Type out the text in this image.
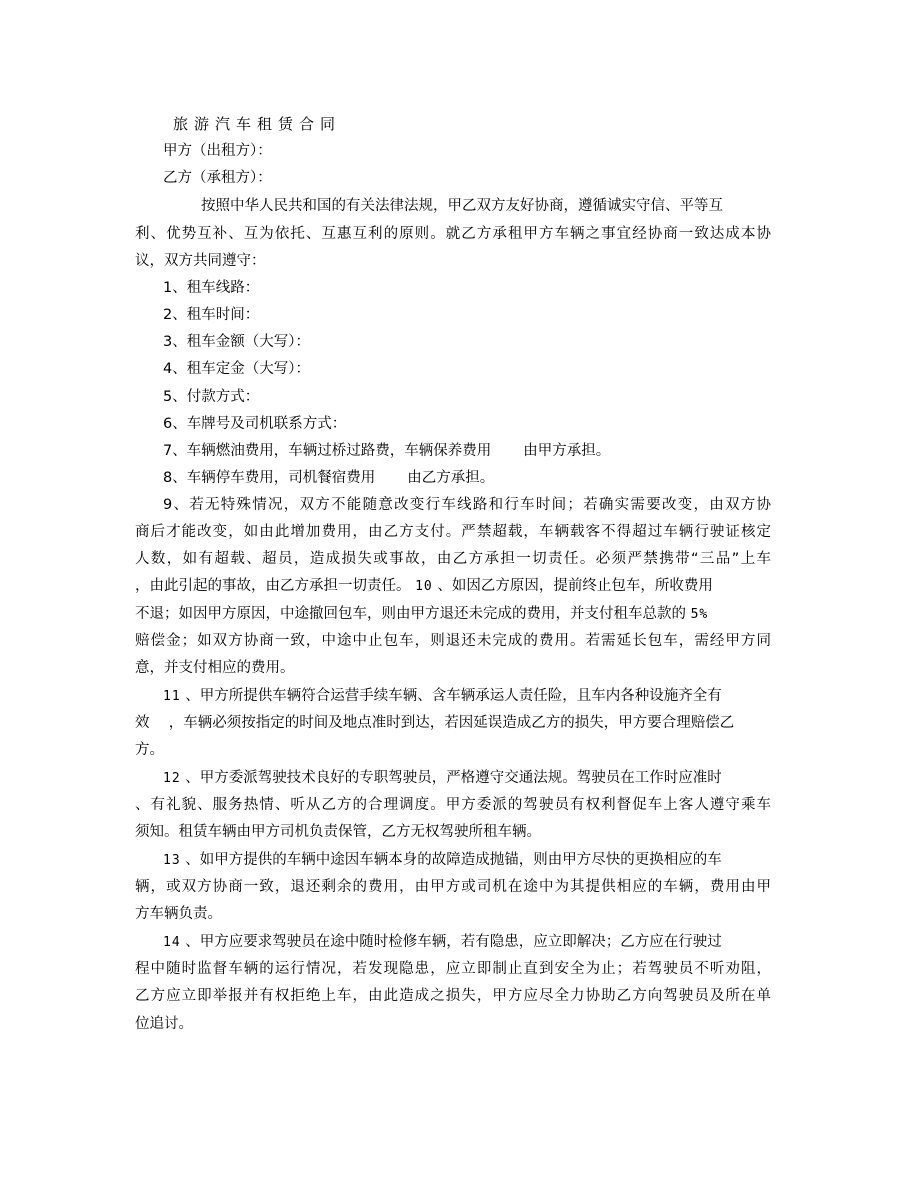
旅游汽车租赁合同
甲方（出租方）：
乙方（承租方）：
按照中华人民共和国的有关法律法规，甲乙双方友好协商，遵循诚实守信、平等互
利、优势互补、互为依托、互惠互利的原则。就乙方承租甲方车辆之事宜经协商一致达成本协
议，双方共同遵守：
1、租车线路：
2、租车时间：
3、租车金额（大写）：
4、租车定金（大写）：
5、付款方式：
6、车牌号及司机联系方式：
7、车辆燃油费用，车辆过桥过路费，车辆保养费用 由甲方承担。
8、车辆停车费用，司机餐宿费用 由乙方承担。
9、若无特殊情况，双方不能随意改变行车线路和行车时间；若确实需要改变，由双方协
商后才能改变，如由此增加费用，由乙方支付。严禁超载，车辆载客不得超过车辆行驶证核定
人数，如有超载、超员，造成损失或事故，由乙方承担一切责任。必须严禁携带“三品”上车
，由此引起的事故，由乙方承担一切责任。 10 、如因乙方原因，提前终止包车，所收费用
不退；如因甲方原因，中途撤回包车，则由甲方退还未完成的费用，并支付租车总款的 5%
赔偿金；如双方协商一致，中途中止包车，则退还未完成的费用。若需延长包车，需经甲方同
意，并支付相应的费用。
11 、甲方所提供车辆符合运营手续车辆、含车辆承运人责任险，且车内各种设施齐全有
效 ，车辆必须按指定的时间及地点准时到达，若因延误造成乙方的损失，甲方要合理赔偿乙
方。
12 、甲方委派驾驶技术良好的专职驾驶员，严格遵守交通法规。驾驶员在工作时应准时
、有礼貌、服务热情、听从乙方的合理调度。甲方委派的驾驶员有权利督促车上客人遵守乘车
须知。租赁车辆由甲方司机负责保管，乙方无权驾驶所租车辆。
13 、如甲方提供的车辆中途因车辆本身的故障造成抛锚，则由甲方尽快的更换相应的车
辆，或双方协商一致，退还剩余的费用，由甲方或司机在途中为其提供相应的车辆，费用由甲
方车辆负责。
14 、甲方应要求驾驶员在途中随时检修车辆，若有隐患，应立即解决；乙方应在行驶过
程中随时监督车辆的运行情况，若发现隐患，应立即制止直到安全为止；若驾驶员不听劝阻，
乙方应立即举报并有权拒绝上车，由此造成之损失，甲方应尽全力协助乙方向驾驶员及所在单
位追讨。
